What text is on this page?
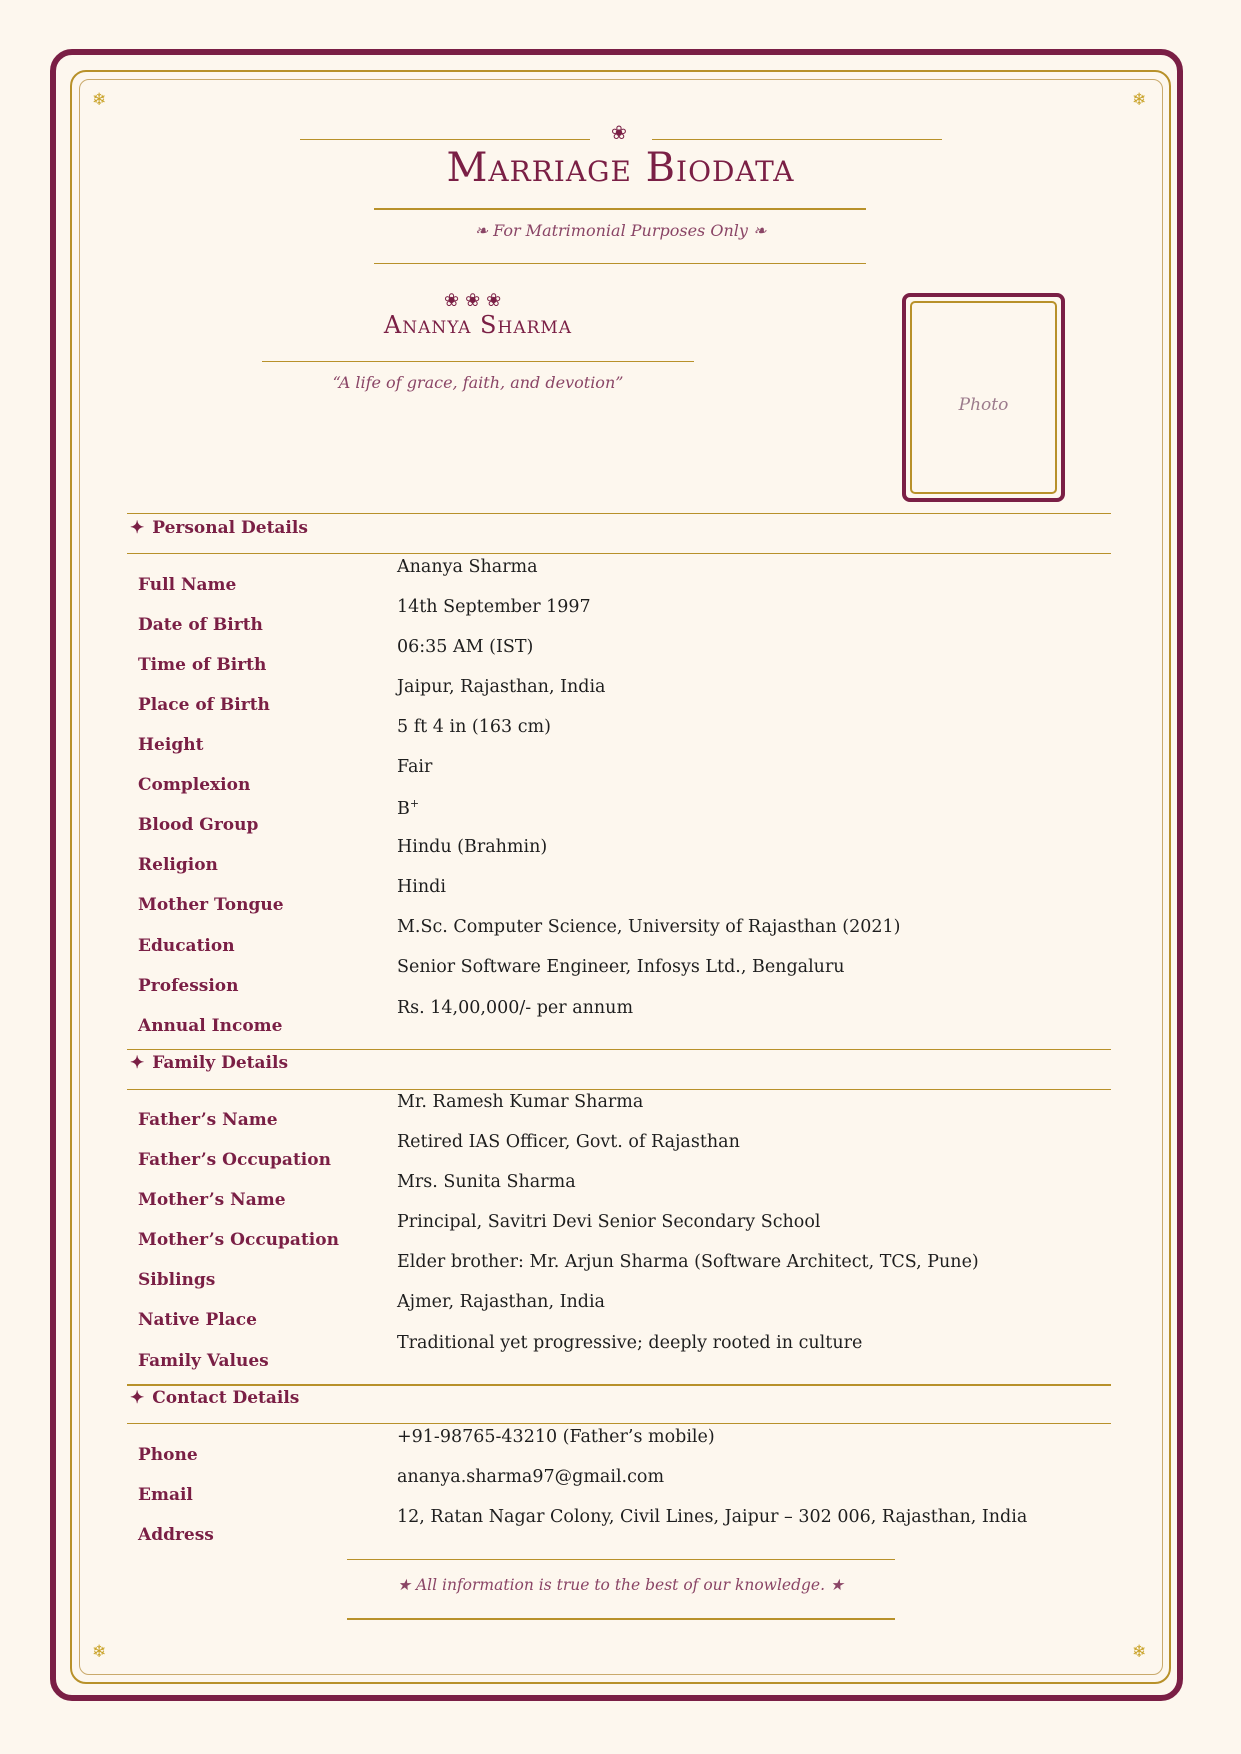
❄	❄
❄	❄
❀
Marriage Biodata
❧ For Matrimonial Purposes Only ❧
❀❀❀
Ananya Sharma
“A life of grace, faith, and devotion”
Photo
✦ Personal Details
Full Name
Date of Birth
Time of Birth
Place of Birth
Height
Complexion
Blood Group
Religion
Mother Tongue
Education
Profession
Annual Income
Ananya Sharma
14th September 1997
06:35 AM (IST)
Jaipur, Rajasthan, India
5 ft 4 in (163 cm)
Fair
B+
Hindu (Brahmin)
Hindi
M.Sc. Computer Science, University of Rajasthan (2021)
Senior Software Engineer, Infosys Ltd., Bengaluru
Rs. 14,00,000/- per annum
✦ Family Details
Father’s Name
Father’s Occupation
Mother’s Name
Mother’s Occupation
Siblings
Native Place
Family Values
Mr. Ramesh Kumar Sharma
Retired IAS Officer, Govt. of Rajasthan
Mrs. Sunita Sharma
Principal, Savitri Devi Senior Secondary School
Elder brother: Mr. Arjun Sharma (Software Architect, TCS, Pune)
Ajmer, Rajasthan, India
Traditional yet progressive; deeply rooted in culture
✦ Contact Details
Phone
Email
Address
+91-98765-43210 (Father’s mobile)
ananya.sharma97@gmail.com
12, Ratan Nagar Colony, Civil Lines, Jaipur – 302 006, Rajasthan, India
★ All information is true to the best of our knowledge. ★
